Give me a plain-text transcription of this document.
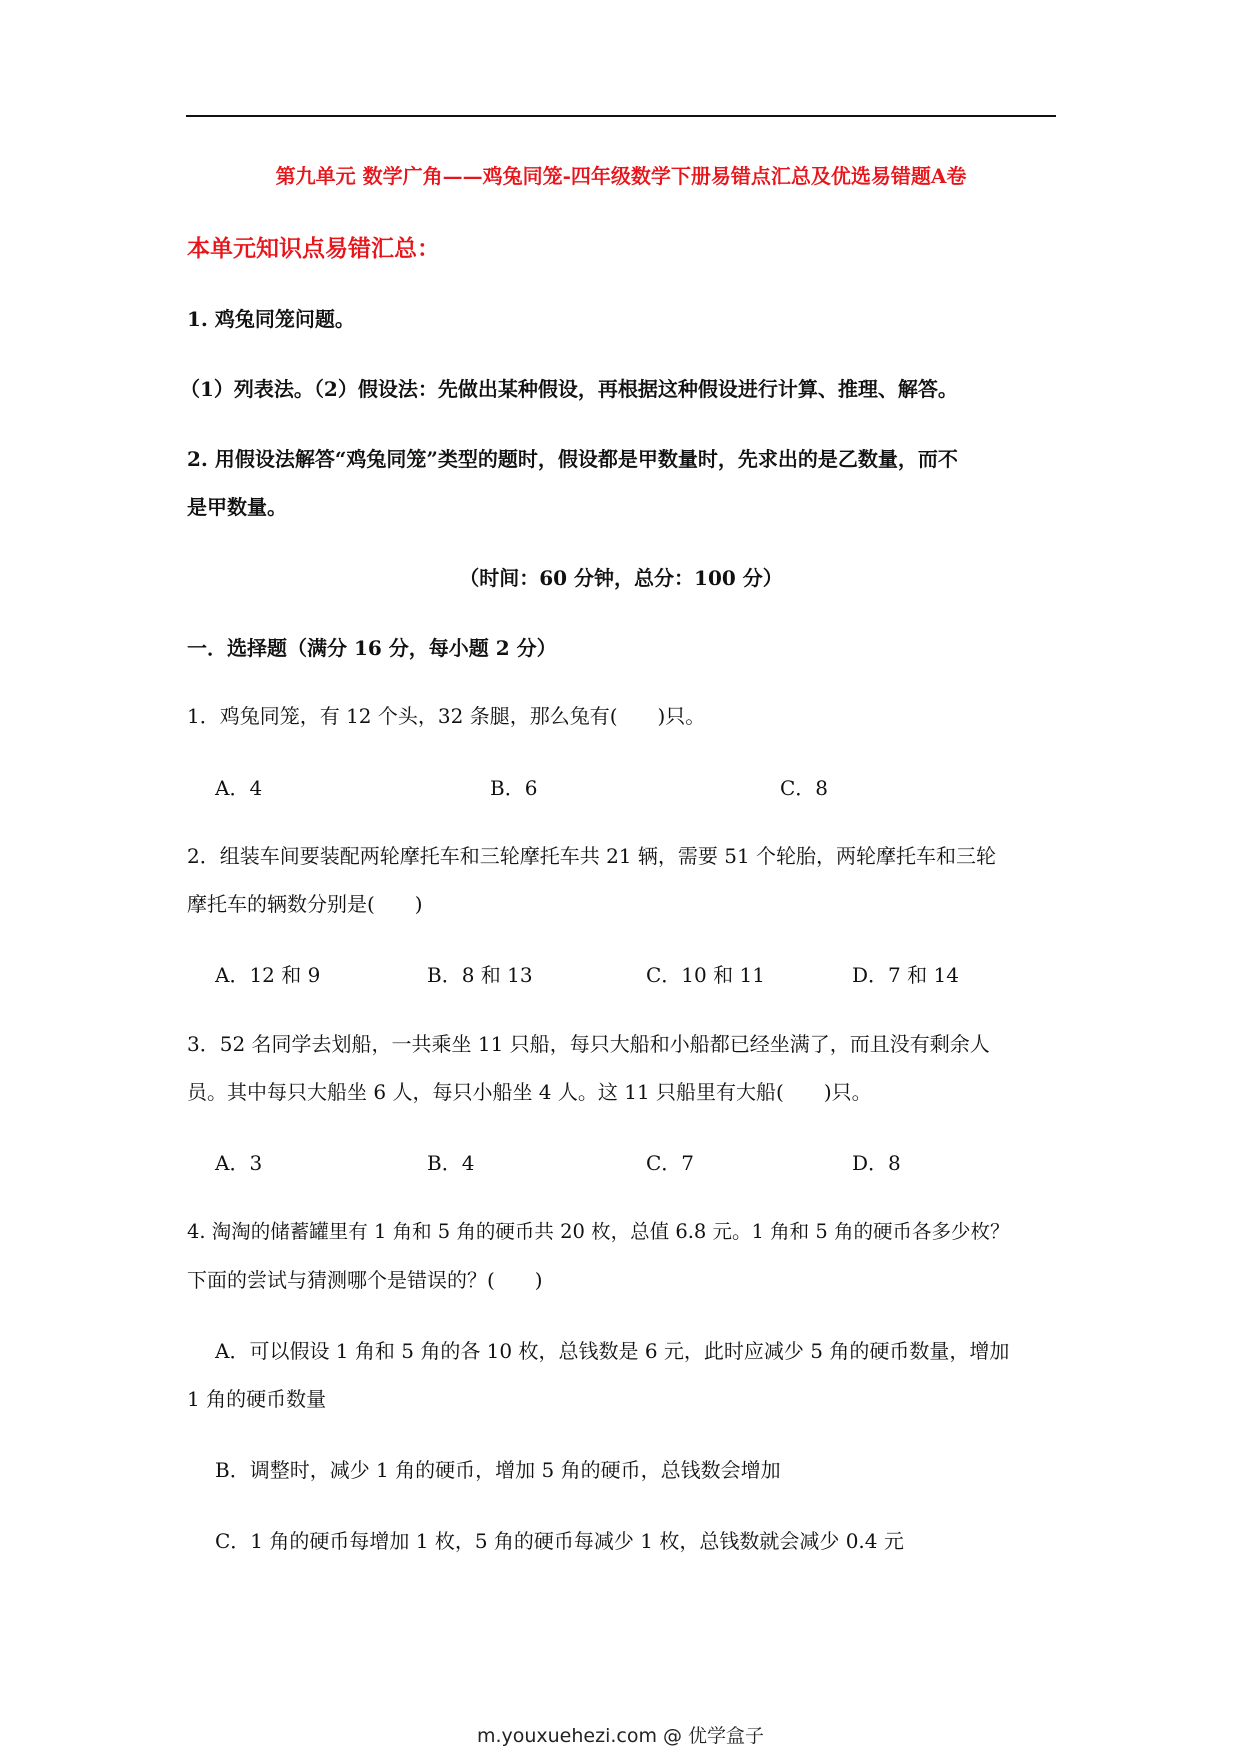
第九单元 数学广角——鸡兔同笼-四年级数学下册易错点汇总及优选易错题A卷
本单元知识点易错汇总：
1. 鸡兔同笼问题。
（1）列表法。（2）假设法：先做出某种假设，再根据这种假设进行计算、推理、解答。
2. 用假设法解答“鸡兔同笼”类型的题时，假设都是甲数量时，先求出的是乙数量，而不
是甲数量。
（时间：60 分钟，总分：100 分）
一．选择题（满分 16 分，每小题 2 分）
1．鸡兔同笼，有 12 个头，32 条腿，那么兔有(　　)只。
A．4	B．6	C．8
2．组装车间要装配两轮摩托车和三轮摩托车共 21 辆，需要 51 个轮胎，两轮摩托车和三轮
摩托车的辆数分别是(　　)
A．12 和 9	B．8 和 13	C．10 和 11	D．7 和 14
3．52 名同学去划船，一共乘坐 11 只船，每只大船和小船都已经坐满了，而且没有剩余人
员。其中每只大船坐 6 人，每只小船坐 4 人。这 11 只船里有大船(　　)只。
A．3	B．4	C．7	D．8
4. 淘淘的储蓄罐里有 1 角和 5 角的硬币共 20 枚，总值 6.8 元。1 角和 5 角的硬币各多少枚？
下面的尝试与猜测哪个是错误的？(　　)
A．可以假设 1 角和 5 角的各 10 枚，总钱数是 6 元，此时应减少 5 角的硬币数量，增加
1 角的硬币数量
B．调整时，减少 1 角的硬币，增加 5 角的硬币，总钱数会增加
C．1 角的硬币每增加 1 枚，5 角的硬币每减少 1 枚，总钱数就会减少 0.4 元
m.youxuehezi.com @ 优学盒子
